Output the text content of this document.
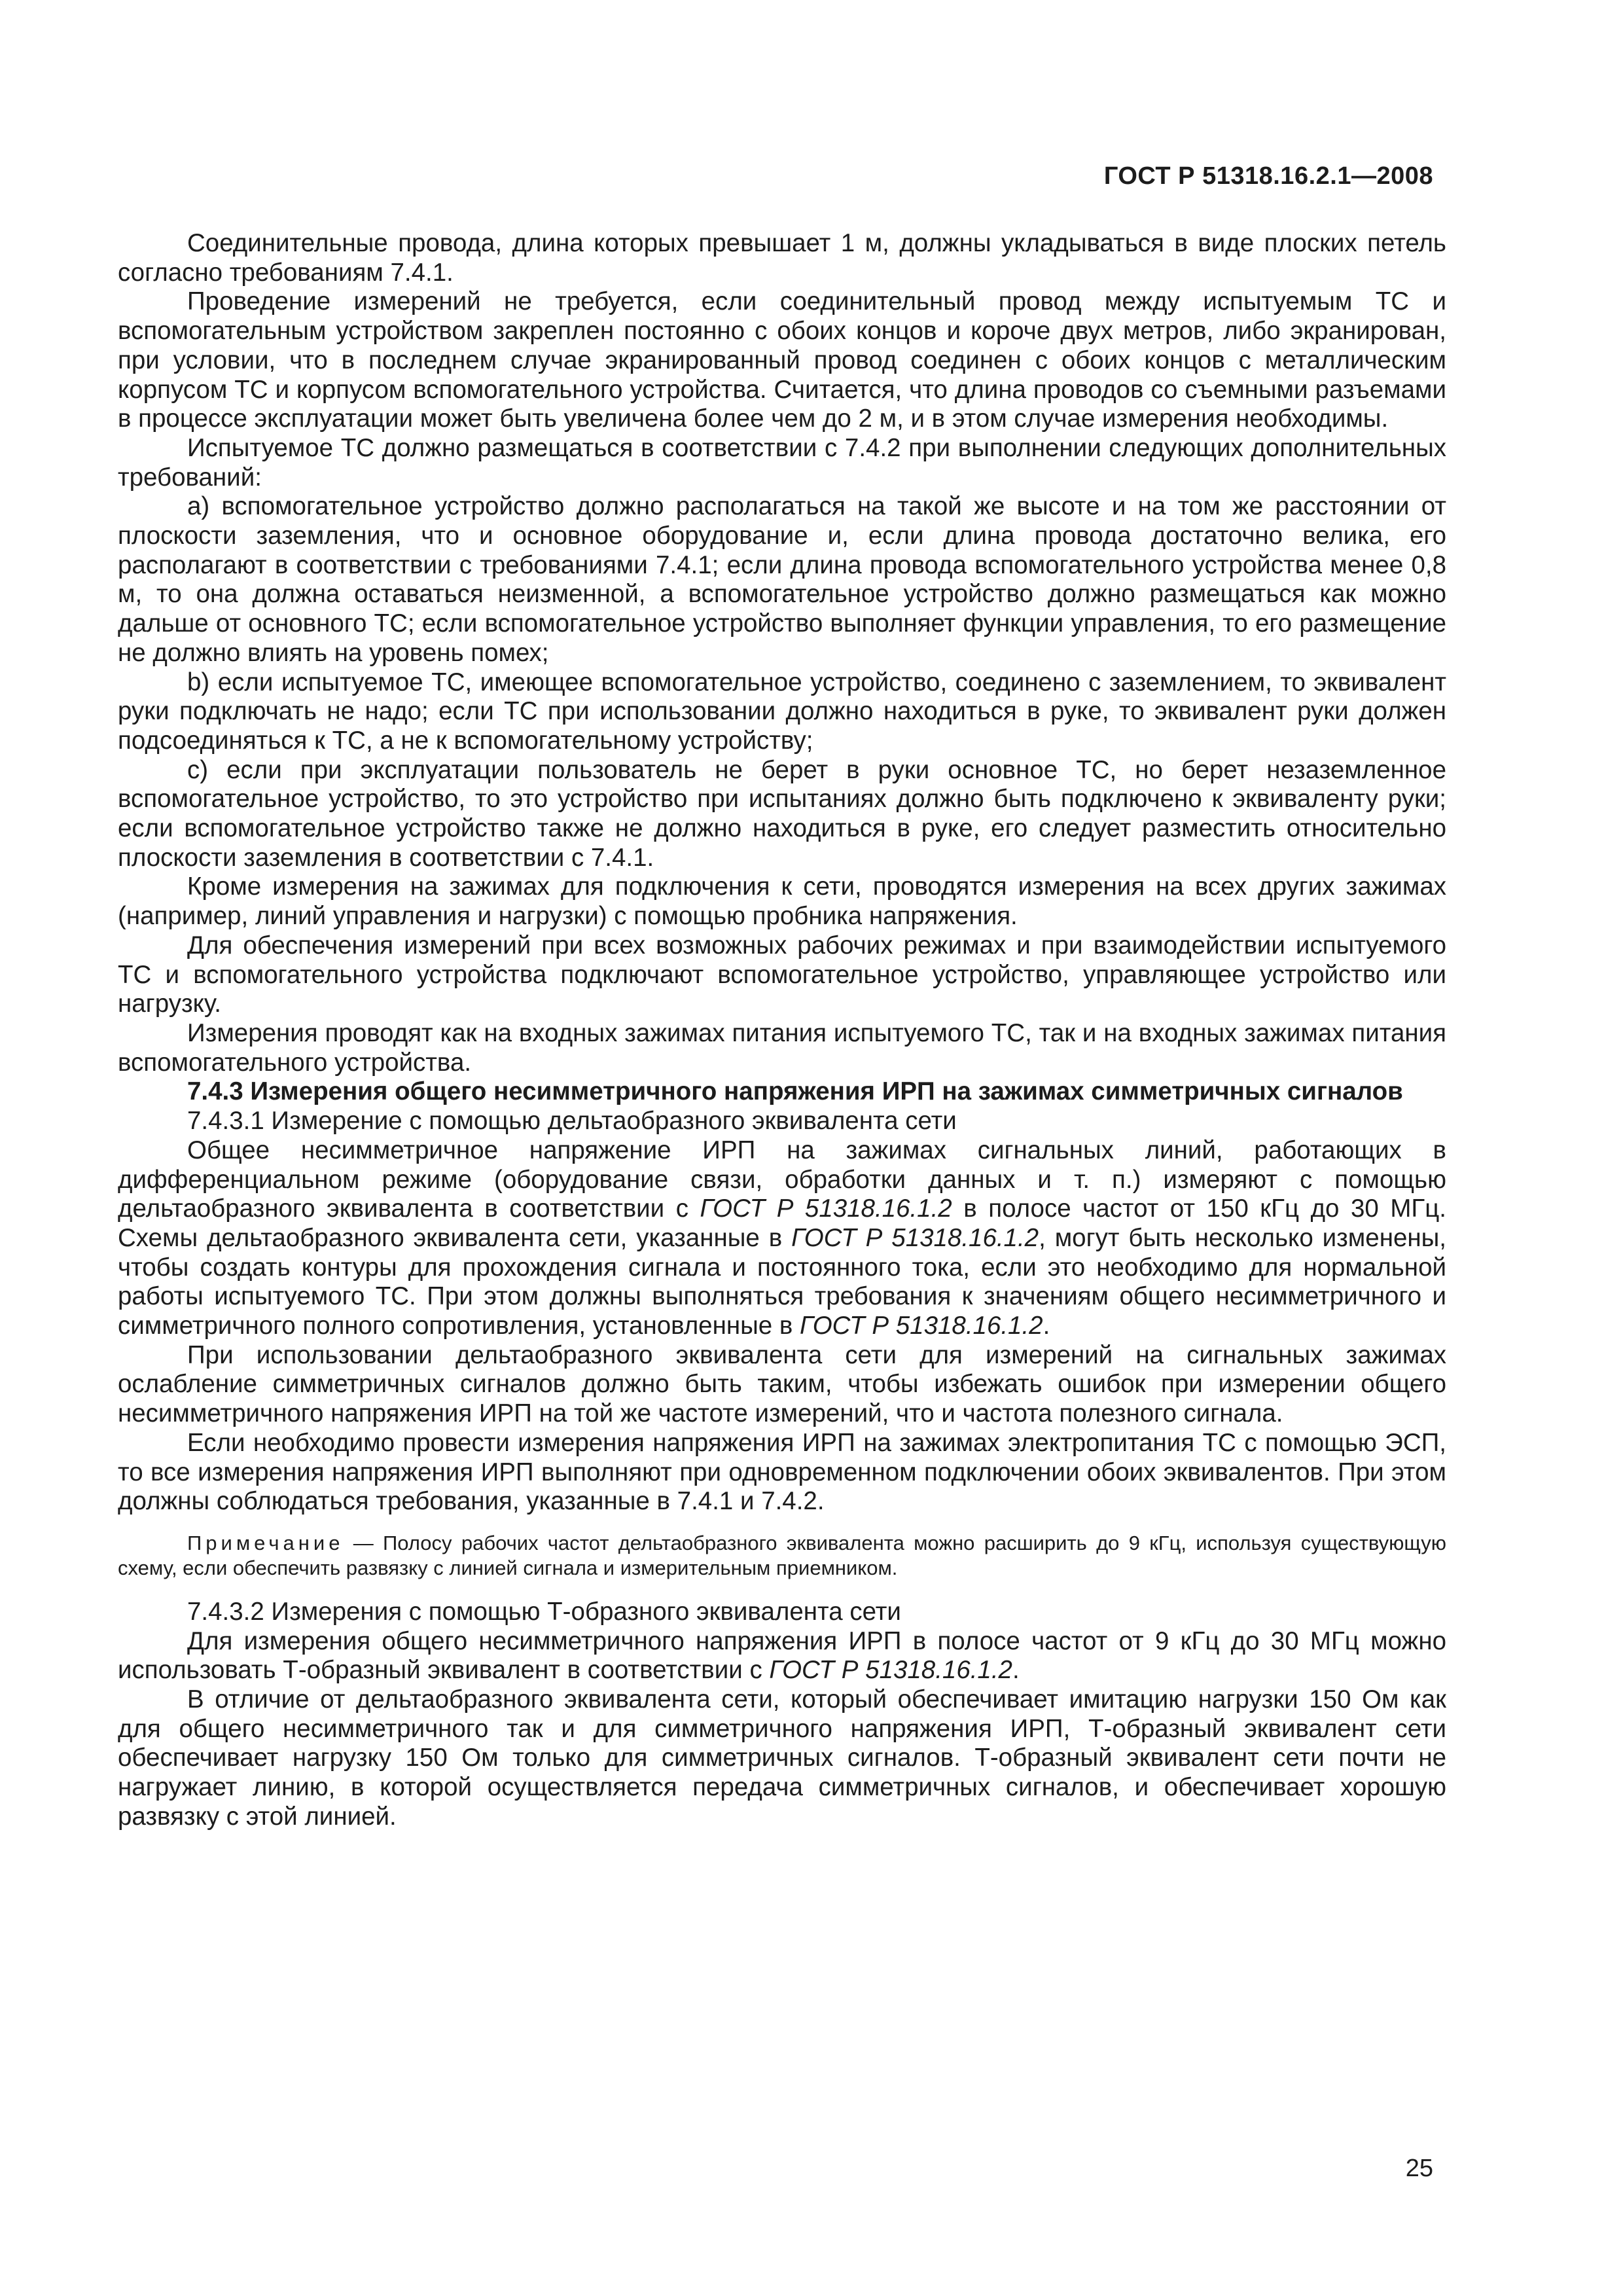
ГОСТ Р 51318.16.2.1—2008

Соединительные провода, длина которых превышает 1 м, должны укладываться в виде плоских петель согласно требованиям 7.4.1.

Проведение измерений не требуется, если соединительный провод между испытуемым ТС и вспомогательным устройством закреплен постоянно с обоих концов и короче двух метров, либо экранирован, при условии, что в последнем случае экранированный провод соединен с обоих концов с металлическим корпусом ТС и корпусом вспомогательного устройства. Считается, что длина проводов со съемными разъемами в процессе эксплуатации может быть увеличена более чем до 2 м, и в этом случае измерения необходимы.

Испытуемое ТС должно размещаться в соответствии с 7.4.2 при выполнении следующих дополнительных требований:

a) вспомогательное устройство должно располагаться на такой же высоте и на том же расстоянии от плоскости заземления, что и основное оборудование и, если длина провода достаточно велика, его располагают в соответствии с требованиями 7.4.1; если длина провода вспомогательного устройства менее 0,8 м, то она должна оставаться неизменной, а вспомогательное устройство должно размещаться как можно дальше от основного ТС; если вспомогательное устройство выполняет функции управления, то его размещение не должно влиять на уровень помех;

b) если испытуемое ТС, имеющее вспомогательное устройство, соединено с заземлением, то эквивалент руки подключать не надо; если ТС при использовании должно находиться в руке, то эквивалент руки должен подсоединяться к ТС, а не к вспомогательному устройству;

c) если при эксплуатации пользователь не берет в руки основное ТС, но берет незаземленное вспомогательное устройство, то это устройство при испытаниях должно быть подключено к эквиваленту руки; если вспомогательное устройство также не должно находиться в руке, его следует разместить относительно плоскости заземления в соответствии с 7.4.1.

Кроме измерения на зажимах для подключения к сети, проводятся измерения на всех других зажимах (например, линий управления и нагрузки) с помощью пробника напряжения.

Для обеспечения измерений при всех возможных рабочих режимах и при взаимодействии испытуемого ТС и вспомогательного устройства подключают вспомогательное устройство, управляющее устройство или нагрузку.

Измерения проводят как на входных зажимах питания испытуемого ТС, так и на входных зажимах питания вспомогательного устройства.

7.4.3 Измерения общего несимметричного напряжения ИРП на зажимах симметричных сигналов

7.4.3.1 Измерение с помощью дельтаобразного эквивалента сети

Общее несимметричное напряжение ИРП на зажимах сигнальных линий, работающих в дифференциальном режиме (оборудование связи, обработки данных и т. п.) измеряют с помощью дельтаобразного эквивалента в соответствии с ГОСТ Р 51318.16.1.2 в полосе частот от 150 кГц до 30 МГц. Схемы дельтаобразного эквивалента сети, указанные в ГОСТ Р 51318.16.1.2, могут быть несколько изменены, чтобы создать контуры для прохождения сигнала и постоянного тока, если это необходимо для нормальной работы испытуемого ТС. При этом должны выполняться требования к значениям общего несимметричного и симметричного полного сопротивления, установленные в ГОСТ Р 51318.16.1.2.

При использовании дельтаобразного эквивалента сети для измерений на сигнальных зажимах ослабление симметричных сигналов должно быть таким, чтобы избежать ошибок при измерении общего несимметричного напряжения ИРП на той же частоте измерений, что и частота полезного сигнала.

Если необходимо провести измерения напряжения ИРП на зажимах электропитания ТС с помощью ЭСП, то все измерения напряжения ИРП выполняют при одновременном подключении обоих эквивалентов. При этом должны соблюдаться требования, указанные в 7.4.1 и 7.4.2.

Примечание — Полосу рабочих частот дельтаобразного эквивалента можно расширить до 9 кГц, используя существующую схему, если обеспечить развязку с линией сигнала и измерительным приемником.

7.4.3.2 Измерения с помощью Т-образного эквивалента сети

Для измерения общего несимметричного напряжения ИРП в полосе частот от 9 кГц до 30 МГц можно использовать Т-образный эквивалент в соответствии с ГОСТ Р 51318.16.1.2.

В отличие от дельтаобразного эквивалента сети, который обеспечивает имитацию нагрузки 150 Ом как для общего несимметричного так и для симметричного напряжения ИРП, Т-образный эквивалент сети обеспечивает нагрузку 150 Ом только для симметричных сигналов. Т-образный эквивалент сети почти не нагружает линию, в которой осуществляется передача симметричных сигналов, и обеспечивает хорошую развязку с этой линией.

25
